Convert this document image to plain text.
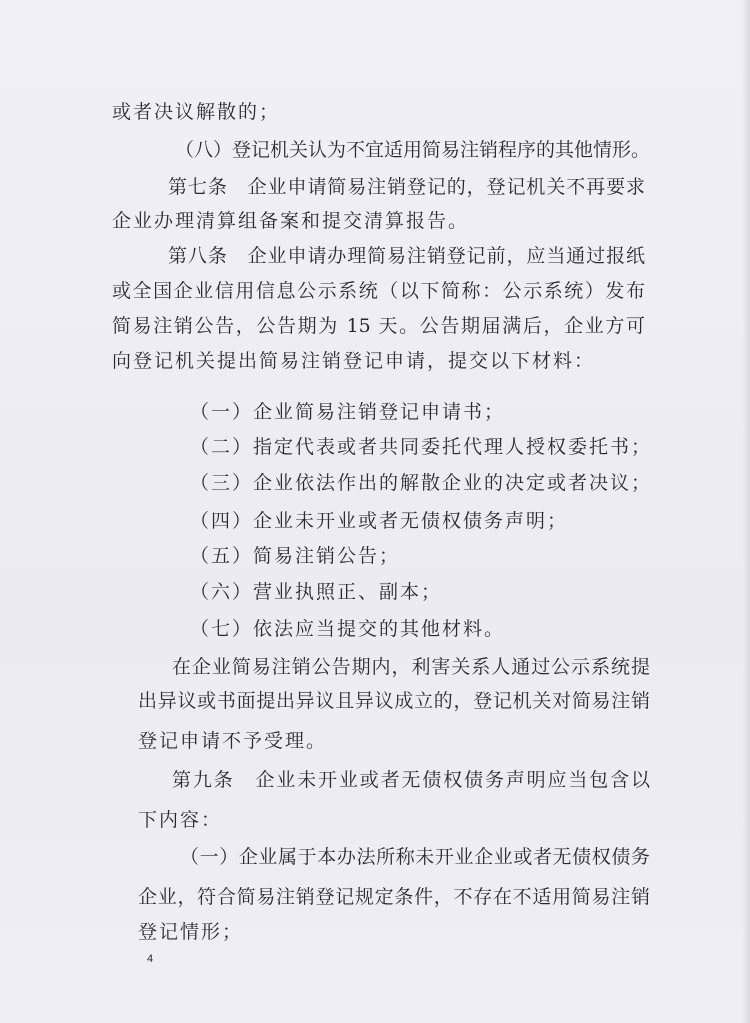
或者决议解散的；
（八）登记机关认为不宜适用简易注销程序的其他情形。
第七条　企业申请简易注销登记的，登记机关不再要求
企业办理清算组备案和提交清算报告。
第八条　企业申请办理简易注销登记前，应当通过报纸
或全国企业信用信息公示系统（以下简称：公示系统）发布
简易注销公告，公告期为 15 天。公告期届满后，企业方可
向登记机关提出简易注销登记申请，提交以下材料：
（一）企业简易注销登记申请书；
（二）指定代表或者共同委托代理人授权委托书；
（三）企业依法作出的解散企业的决定或者决议；
（四）企业未开业或者无债权债务声明；
（五）简易注销公告；
（六）营业执照正、副本；
（七）依法应当提交的其他材料。
在企业简易注销公告期内，利害关系人通过公示系统提
出异议或书面提出异议且异议成立的，登记机关对简易注销
登记申请不予受理。
第九条　企业未开业或者无债权债务声明应当包含以
下内容：
（一）企业属于本办法所称未开业企业或者无债权债务
企业，符合简易注销登记规定条件，不存在不适用简易注销
登记情形；
4
